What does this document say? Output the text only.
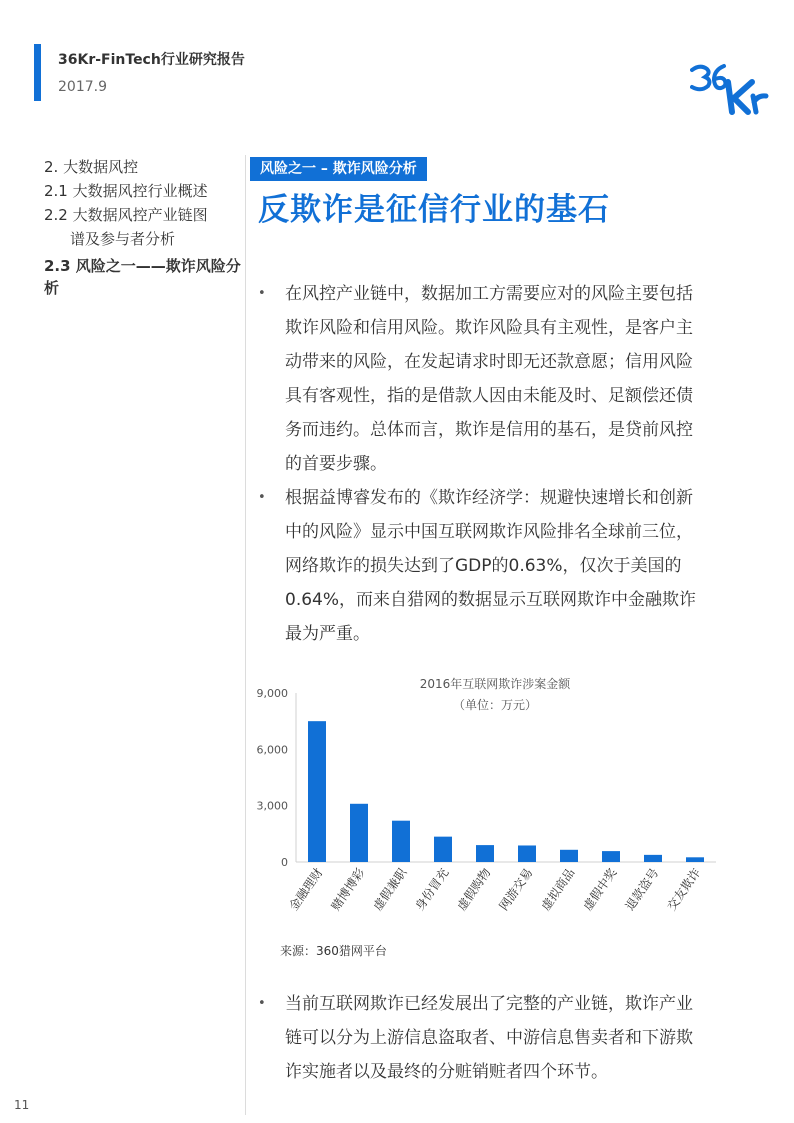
36Kr-FinTech行业研究报告
2017.9
2. 大数据风控
2.1 大数据风控行业概述
2.2 大数据风控产业链图
谱及参与者分析
2.3 风险之一——欺诈风险分析
风险之一 – 欺诈风险分析
反欺诈是征信行业的基石
• 在风控产业链中，数据加工方需要应对的风险主要包括欺诈风险和信用风险。欺诈风险具有主观性，是客户主动带来的风险，在发起请求时即无还款意愿；信用风险具有客观性，指的是借款人因由未能及时、足额偿还债务而违约。总体而言，欺诈是信用的基石，是贷前风控的首要步骤。
• 根据益博睿发布的《欺诈经济学：规避快速增长和创新中的风险》显示中国互联网欺诈风险排名全球前三位，网络欺诈的损失达到了GDP的0.63%，仅次于美国的0.64%，而来自猎网的数据显示互联网欺诈中金融欺诈最为严重。
2016年互联网欺诈涉案金额
（单位：万元）
0
3,000
6,000
9,000
金融理财 赌博博彩 虚假兼职 身份冒充 虚假购物 网游交易 虚拟商品 虚假中奖 退款盗号 交友欺诈
来源：360猎网平台
• 当前互联网欺诈已经发展出了完整的产业链，欺诈产业链可以分为上游信息盗取者、中游信息售卖者和下游欺诈实施者以及最终的分赃销赃者四个环节。
11
